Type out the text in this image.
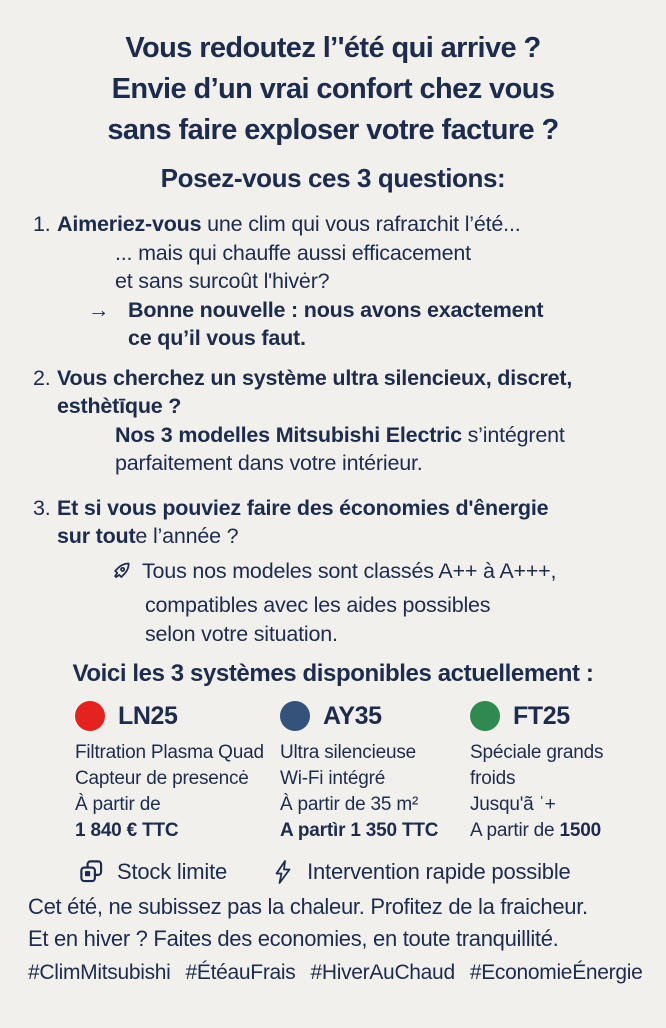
Vous redoutez l’'été qui arrive ?
Envie d’un vrai confort chez vous
sans faire exploser votre facture ?
Posez-vous ces 3 questions:
1. Aimeriez-vous une clim qui vous rafraɪchit l’été...
... mais qui chauffe aussi efficacement
et sans surcoût l'hivėr?
→ Bonne nouvelle : nous avons exactement
ce qu’il vous faut.
2. Vous cherchez un système ultra silencieux, discret,
esthètīque ?
Nos 3 modelles Mitsubishi Electric s’intégrent
parfaitement dans votre intérieur.
3. Et si vous pouviez faire des économies d'ênergie
sur toute l’année ?
Tous nos modeles sont classés A++ à A+++,
compatibles avec les aides possibles
selon votre situation.
Voici les 3 systèmes disponibles actuellement :
LN25
Filtration Plasma Quad
Capteur de presencė
À partir de
1 840 € TTC
AY35
Ultra silencieuse
Wi-Fi intégré
À partir de 35 m²
A partìr 1 350 TTC
FT25
Spéciale grands
froids
Jusqu'ã ˈ+
A partir de 1500
Stock limite	Intervention rapide possible
Cet été, ne subissez pas la chaleur. Profitez de la fraicheur.
Et en hiver ? Faites des economies, en toute tranquillité.
#ClimMitsubishi #ÉtéauFrais #HiverAuChaud #EconomieÉnergie
